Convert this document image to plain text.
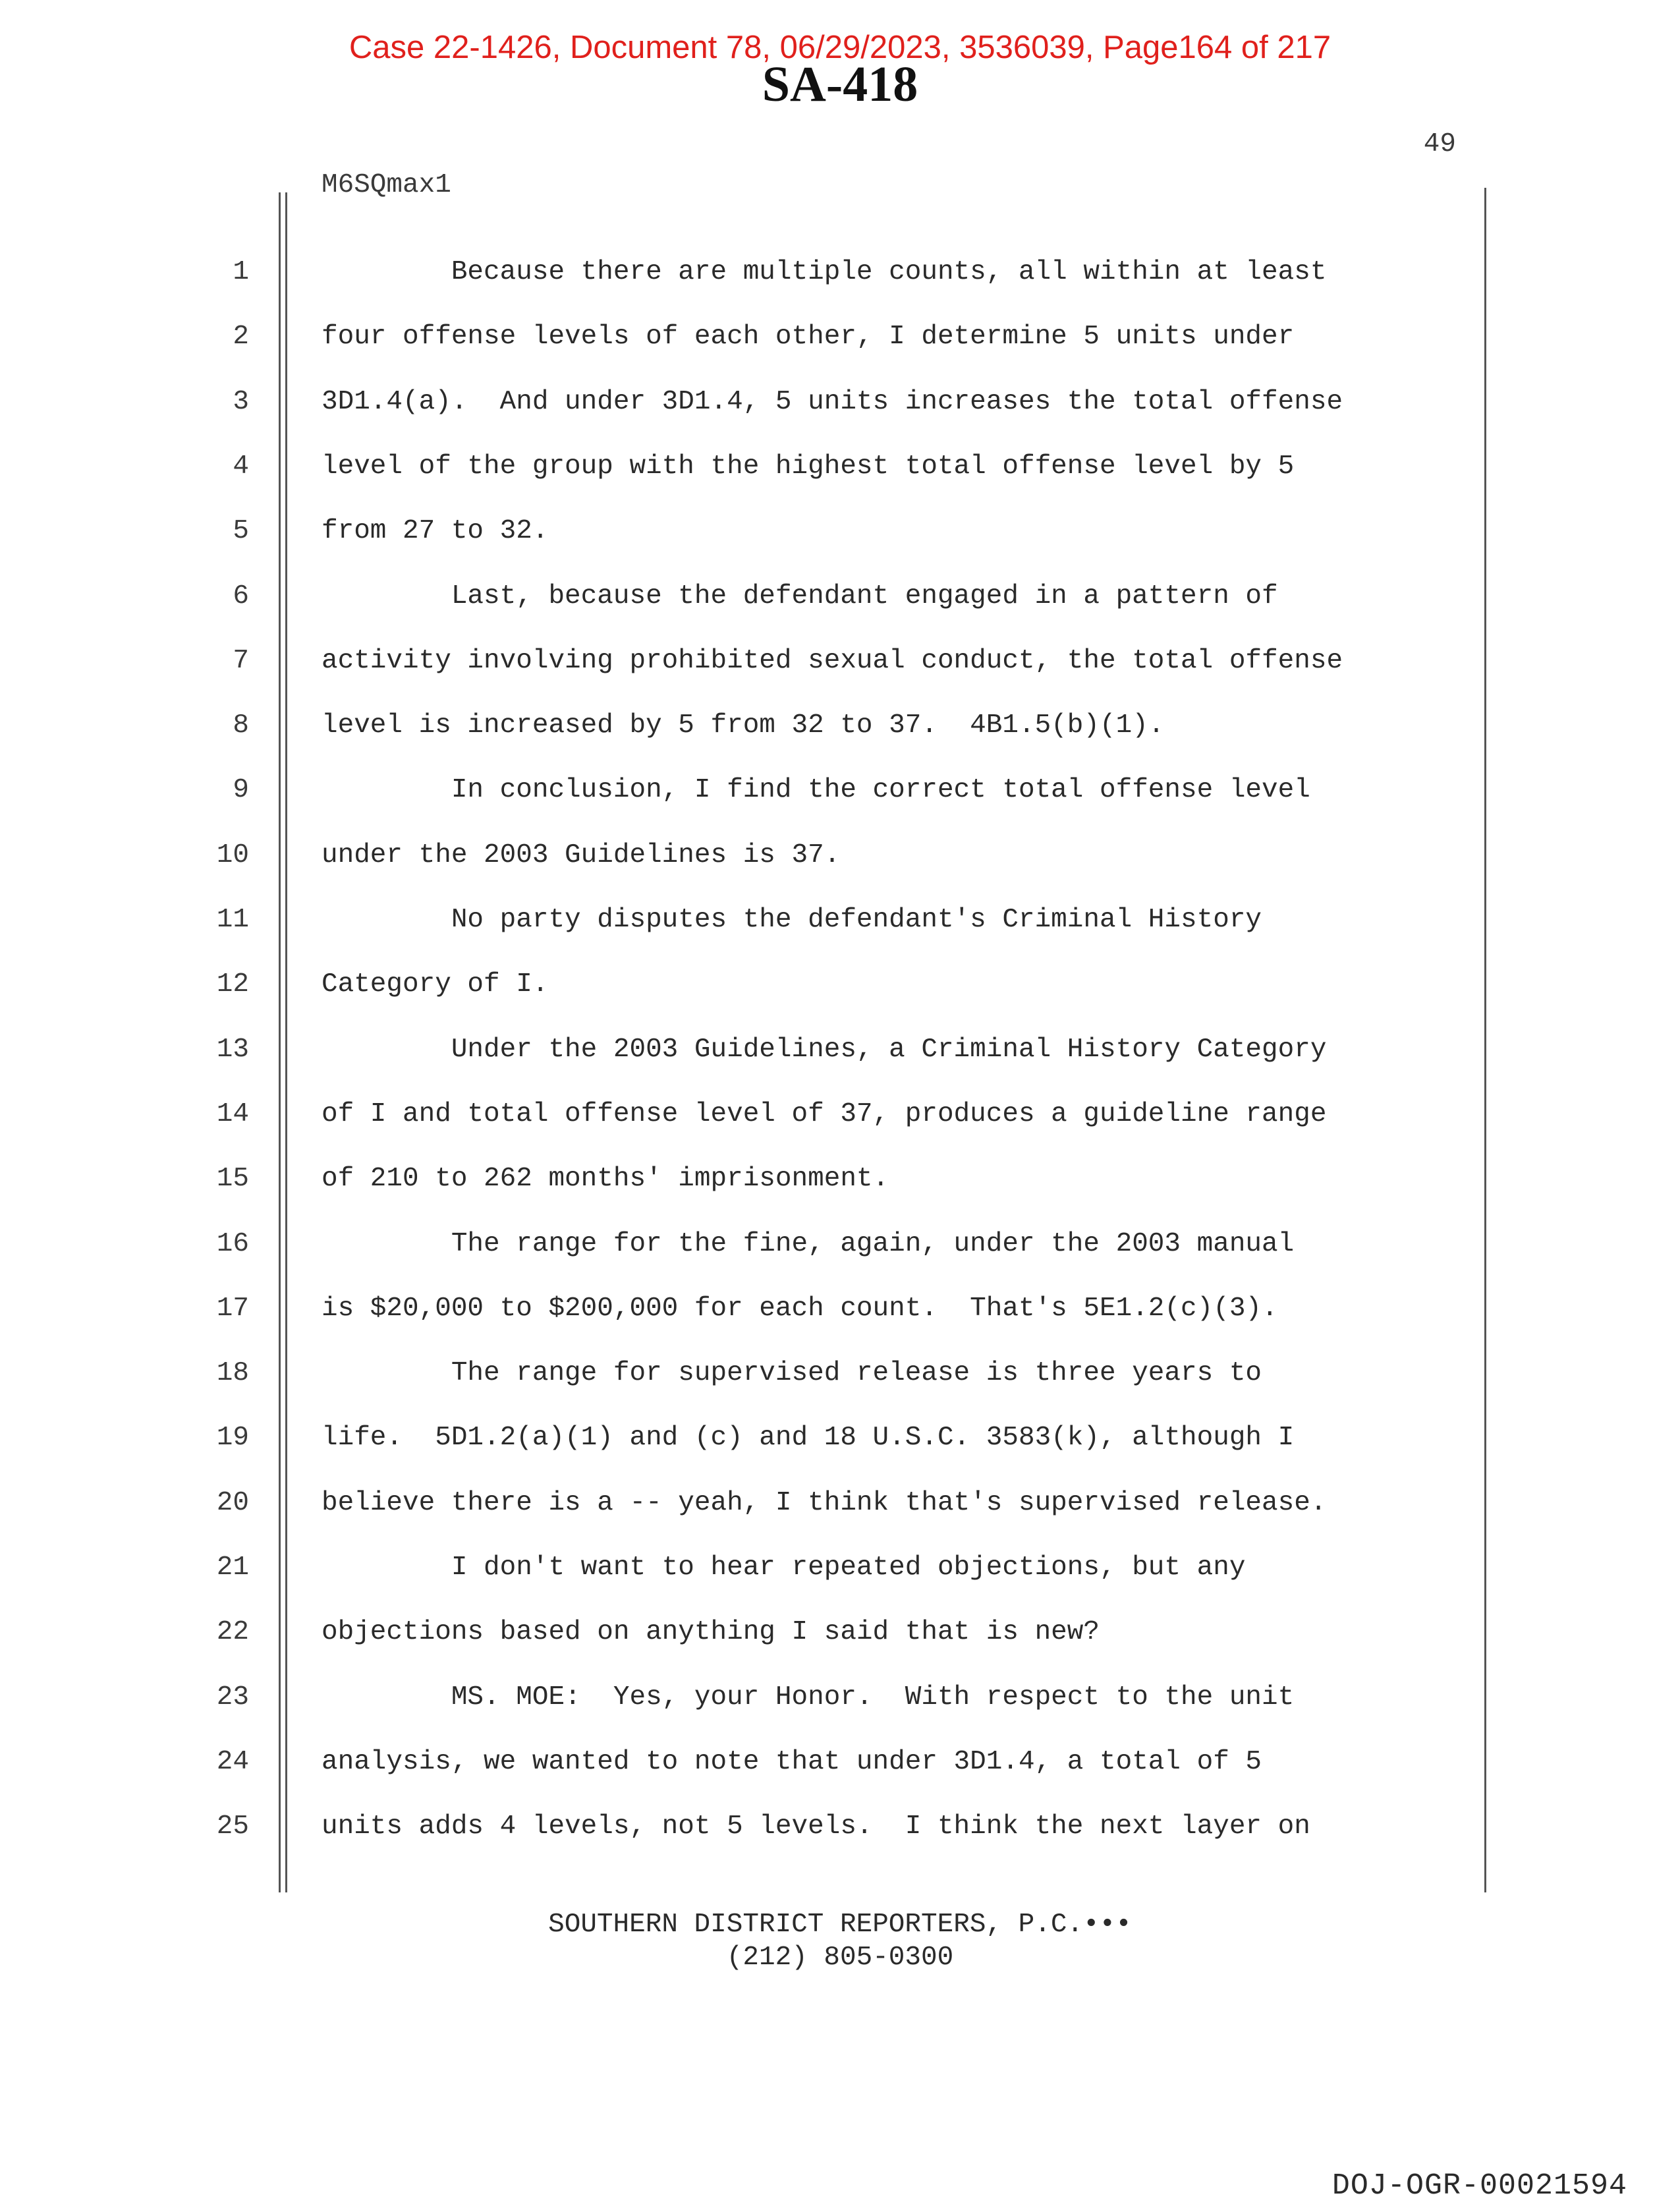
Case 22-1426, Document 78, 06/29/2023, 3536039, Page164 of 217
SA-418
49
M6SQmax1
1	Because there are multiple counts, all within at least
2	four offense levels of each other, I determine 5 units under
3	3D1.4(a).  And under 3D1.4, 5 units increases the total offense
4	level of the group with the highest total offense level by 5
5	from 27 to 32.
6	Last, because the defendant engaged in a pattern of
7	activity involving prohibited sexual conduct, the total offense
8	level is increased by 5 from 32 to 37.  4B1.5(b)(1).
9	In conclusion, I find the correct total offense level
10	under the 2003 Guidelines is 37.
11	No party disputes the defendant's Criminal History
12	Category of I.
13	Under the 2003 Guidelines, a Criminal History Category
14	of I and total offense level of 37, produces a guideline range
15	of 210 to 262 months' imprisonment.
16	The range for the fine, again, under the 2003 manual
17	is $20,000 to $200,000 for each count.  That's 5E1.2(c)(3).
18	The range for supervised release is three years to
19	life.  5D1.2(a)(1) and (c) and 18 U.S.C. 3583(k), although I
20	believe there is a -- yeah, I think that's supervised release.
21	I don't want to hear repeated objections, but any
22	objections based on anything I said that is new?
23	MS. MOE:  Yes, your Honor.  With respect to the unit
24	analysis, we wanted to note that under 3D1.4, a total of 5
25	units adds 4 levels, not 5 levels.  I think the next layer on
SOUTHERN DISTRICT REPORTERS, P.C.•••
(212) 805-0300
DOJ-OGR-00021594
